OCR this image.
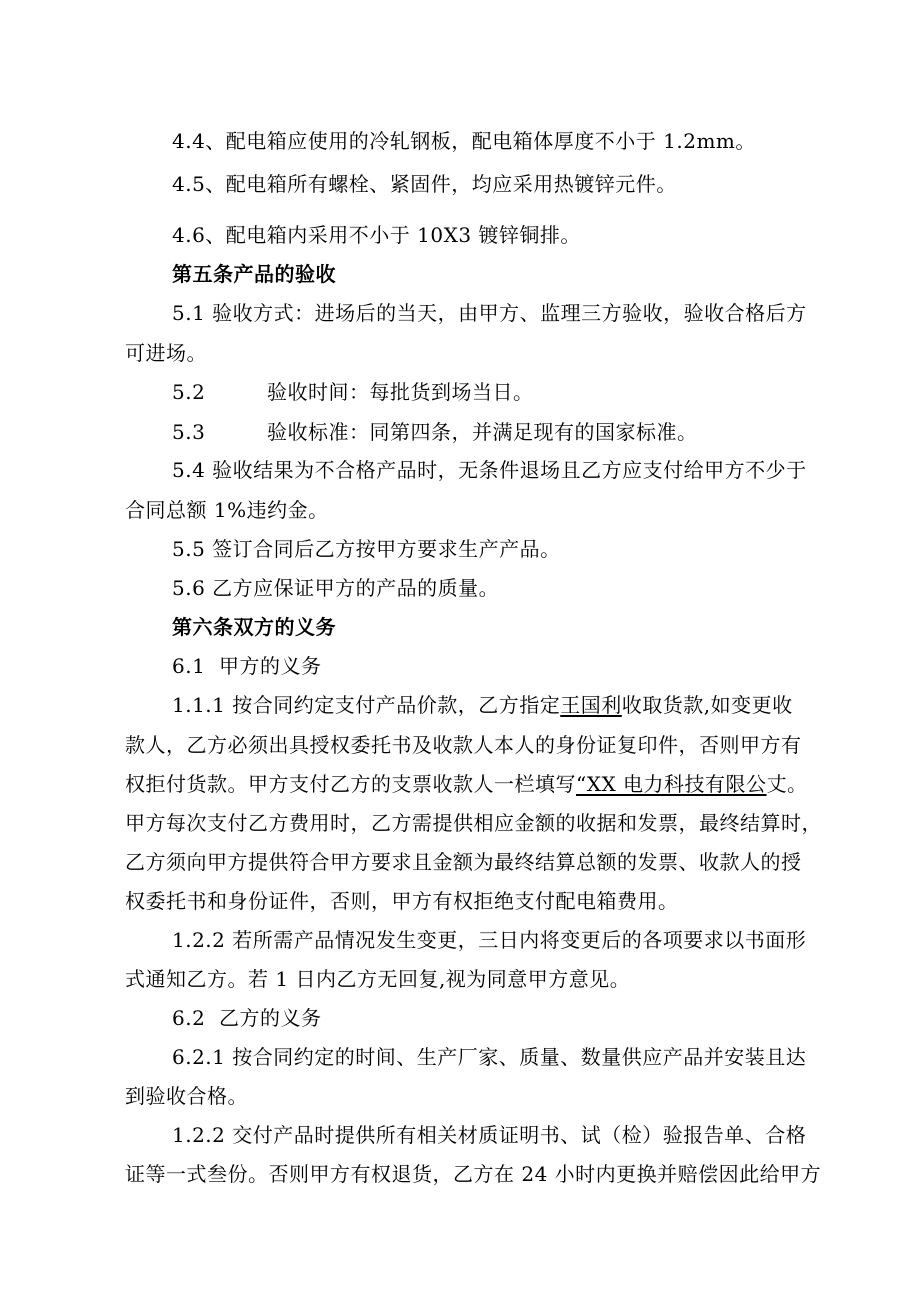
4.4、配电箱应使用的冷轧钢板，配电箱体厚度不小于 1.2mm。
4.5、配电箱所有螺栓、紧固件，均应采用热镀锌元件。
4.6、配电箱内采用不小于 10X3 镀锌铜排。
第五条产品的验收
5.1 验收方式：进场后的当天，由甲方、监理三方验收，验收合格后方
可进场。
5.2         验收时间：每批货到场当日。
5.3         验收标准：同第四条，并满足现有的国家标准。
5.4 验收结果为不合格产品时，无条件退场且乙方应支付给甲方不少于
合同总额 1%违约金。
5.5 签订合同后乙方按甲方要求生产产品。
5.6 乙方应保证甲方的产品的质量。
第六条双方的义务
6.1  甲方的义务
1.1.1 按合同约定支付产品价款，乙方指定王国利收取货款,如变更收
款人，乙方必须出具授权委托书及收款人本人的身份证复印件，否则甲方有
权拒付货款。甲方支付乙方的支票收款人一栏填写“XX 电力科技有限公丈。
甲方每次支付乙方费用时，乙方需提供相应金额的收据和发票，最终结算时，
乙方须向甲方提供符合甲方要求且金额为最终结算总额的发票、收款人的授
权委托书和身份证件，否则，甲方有权拒绝支付配电箱费用。
1.2.2 若所需产品情况发生变更，三日内将变更后的各项要求以书面形
式通知乙方。若 1 日内乙方无回复,视为同意甲方意见。
6.2  乙方的义务
6.2.1 按合同约定的时间、生产厂家、质量、数量供应产品并安装且达
到验收合格。
1.2.2 交付产品时提供所有相关材质证明书、试（检）验报告单、合格
证等一式叁份。否则甲方有权退货，乙方在 24 小时内更换并赔偿因此给甲方
